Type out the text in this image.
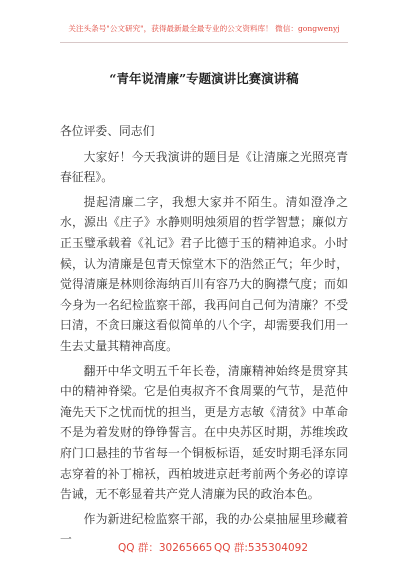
关注头条号"公文研究"，获得最新最全最专业的公文资料库！ 微信：gongwenyj
“青年说清廉”专题演讲比赛演讲稿

各位评委、同志们

大家好！今天我演讲的题目是《让清廉之光照亮青春征程》。

提起清廉二字，我想大家并不陌生。清如澄净之水，源出《庄子》水静则明烛须眉的哲学智慧；廉似方正玉璧承载着《礼记》君子比德于玉的精神追求。小时候，认为清廉是包青天惊堂木下的浩然正气；年少时，觉得清廉是林则徐海纳百川有容乃大的胸襟气度；而如今身为一名纪检监察干部，我再问自己何为清廉？不受曰清，不贪曰廉这看似简单的八个字，却需要我们用一生去丈量其精神高度。

翻开中华文明五千年长卷，清廉精神始终是贯穿其中的精神脊梁。它是伯夷叔齐不食周粟的气节，是范仲淹先天下之忧而忧的担当，更是方志敏《清贫》中革命不是为着发财的铮铮誓言。在中央苏区时期，苏维埃政府门口悬挂的节省每一个铜板标语，延安时期毛泽东同志穿着的补丁棉袄，西柏坡进京赶考前两个务必的谆谆告诫，无不彰显着共产党人清廉为民的政治本色。

作为新进纪检监察干部，我的办公桌抽屉里珍藏着一

QQ 群：30265665 QQ 群:535304092
